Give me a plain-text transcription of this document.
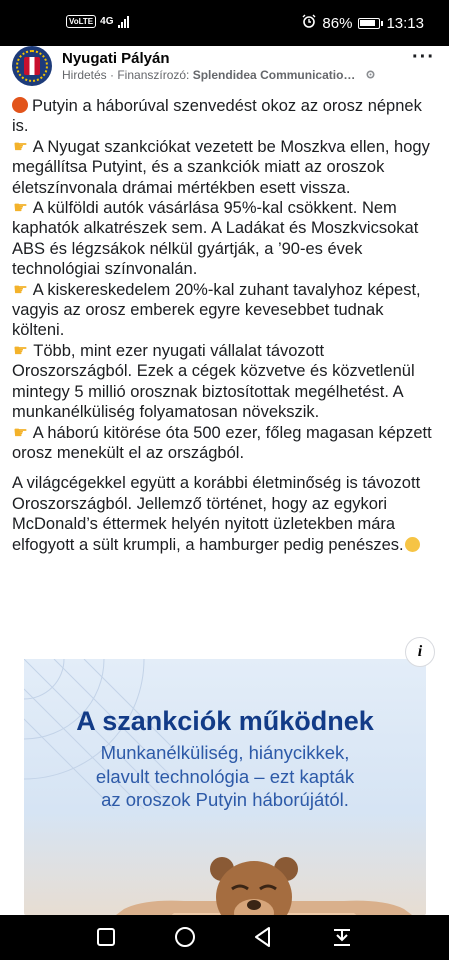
VoLTE 4G	86% 13:13
Nyugati Pályán
Hirdetés · Finanszírozó: Splendidea Communicatio…
···

Putyin a háborúval szenvedést okoz az orosz népnek is.

☛ A Nyugat szankciókat vezetett be Moszkva ellen, hogy megállítsa Putyint, és a szankciók miatt az oroszok életszínvonala drámai mértékben esett vissza.

☛ A külföldi autók vásárlása 95%-kal csökkent. Nem kaphatók alkatrészek sem. A Ladákat és Moszkvicsokat ABS és légzsákok nélkül gyártják, a ’90-es évek technológiai színvonalán.

☛ A kiskereskedelem 20%-kal zuhant tavalyhoz képest, vagyis az orosz emberek egyre kevesebbet tudnak költeni.

☛ Több, mint ezer nyugati vállalat távozott Oroszországból. Ezek a cégek közvetve és közvetlenül mintegy 5 millió orosznak biztosítottak megélhetést. A munkanélküliség folyamatosan növekszik.

☛ A háború kitörése óta 500 ezer, főleg magasan képzett orosz menekült el az országból.

A világcégekkel együtt a korábbi életminőség is távozott Oroszországból. Jellemző történet, hogy az egykori McDonald’s éttermek helyén nyitott üzletekben mára elfogyott a sült krumpli, a hamburger pedig penészes.

i
A szankciók működnek
Munkanélküliség, hiánycikkek,
elavult technológia – ezt kapták
az oroszok Putyin háborújától.
